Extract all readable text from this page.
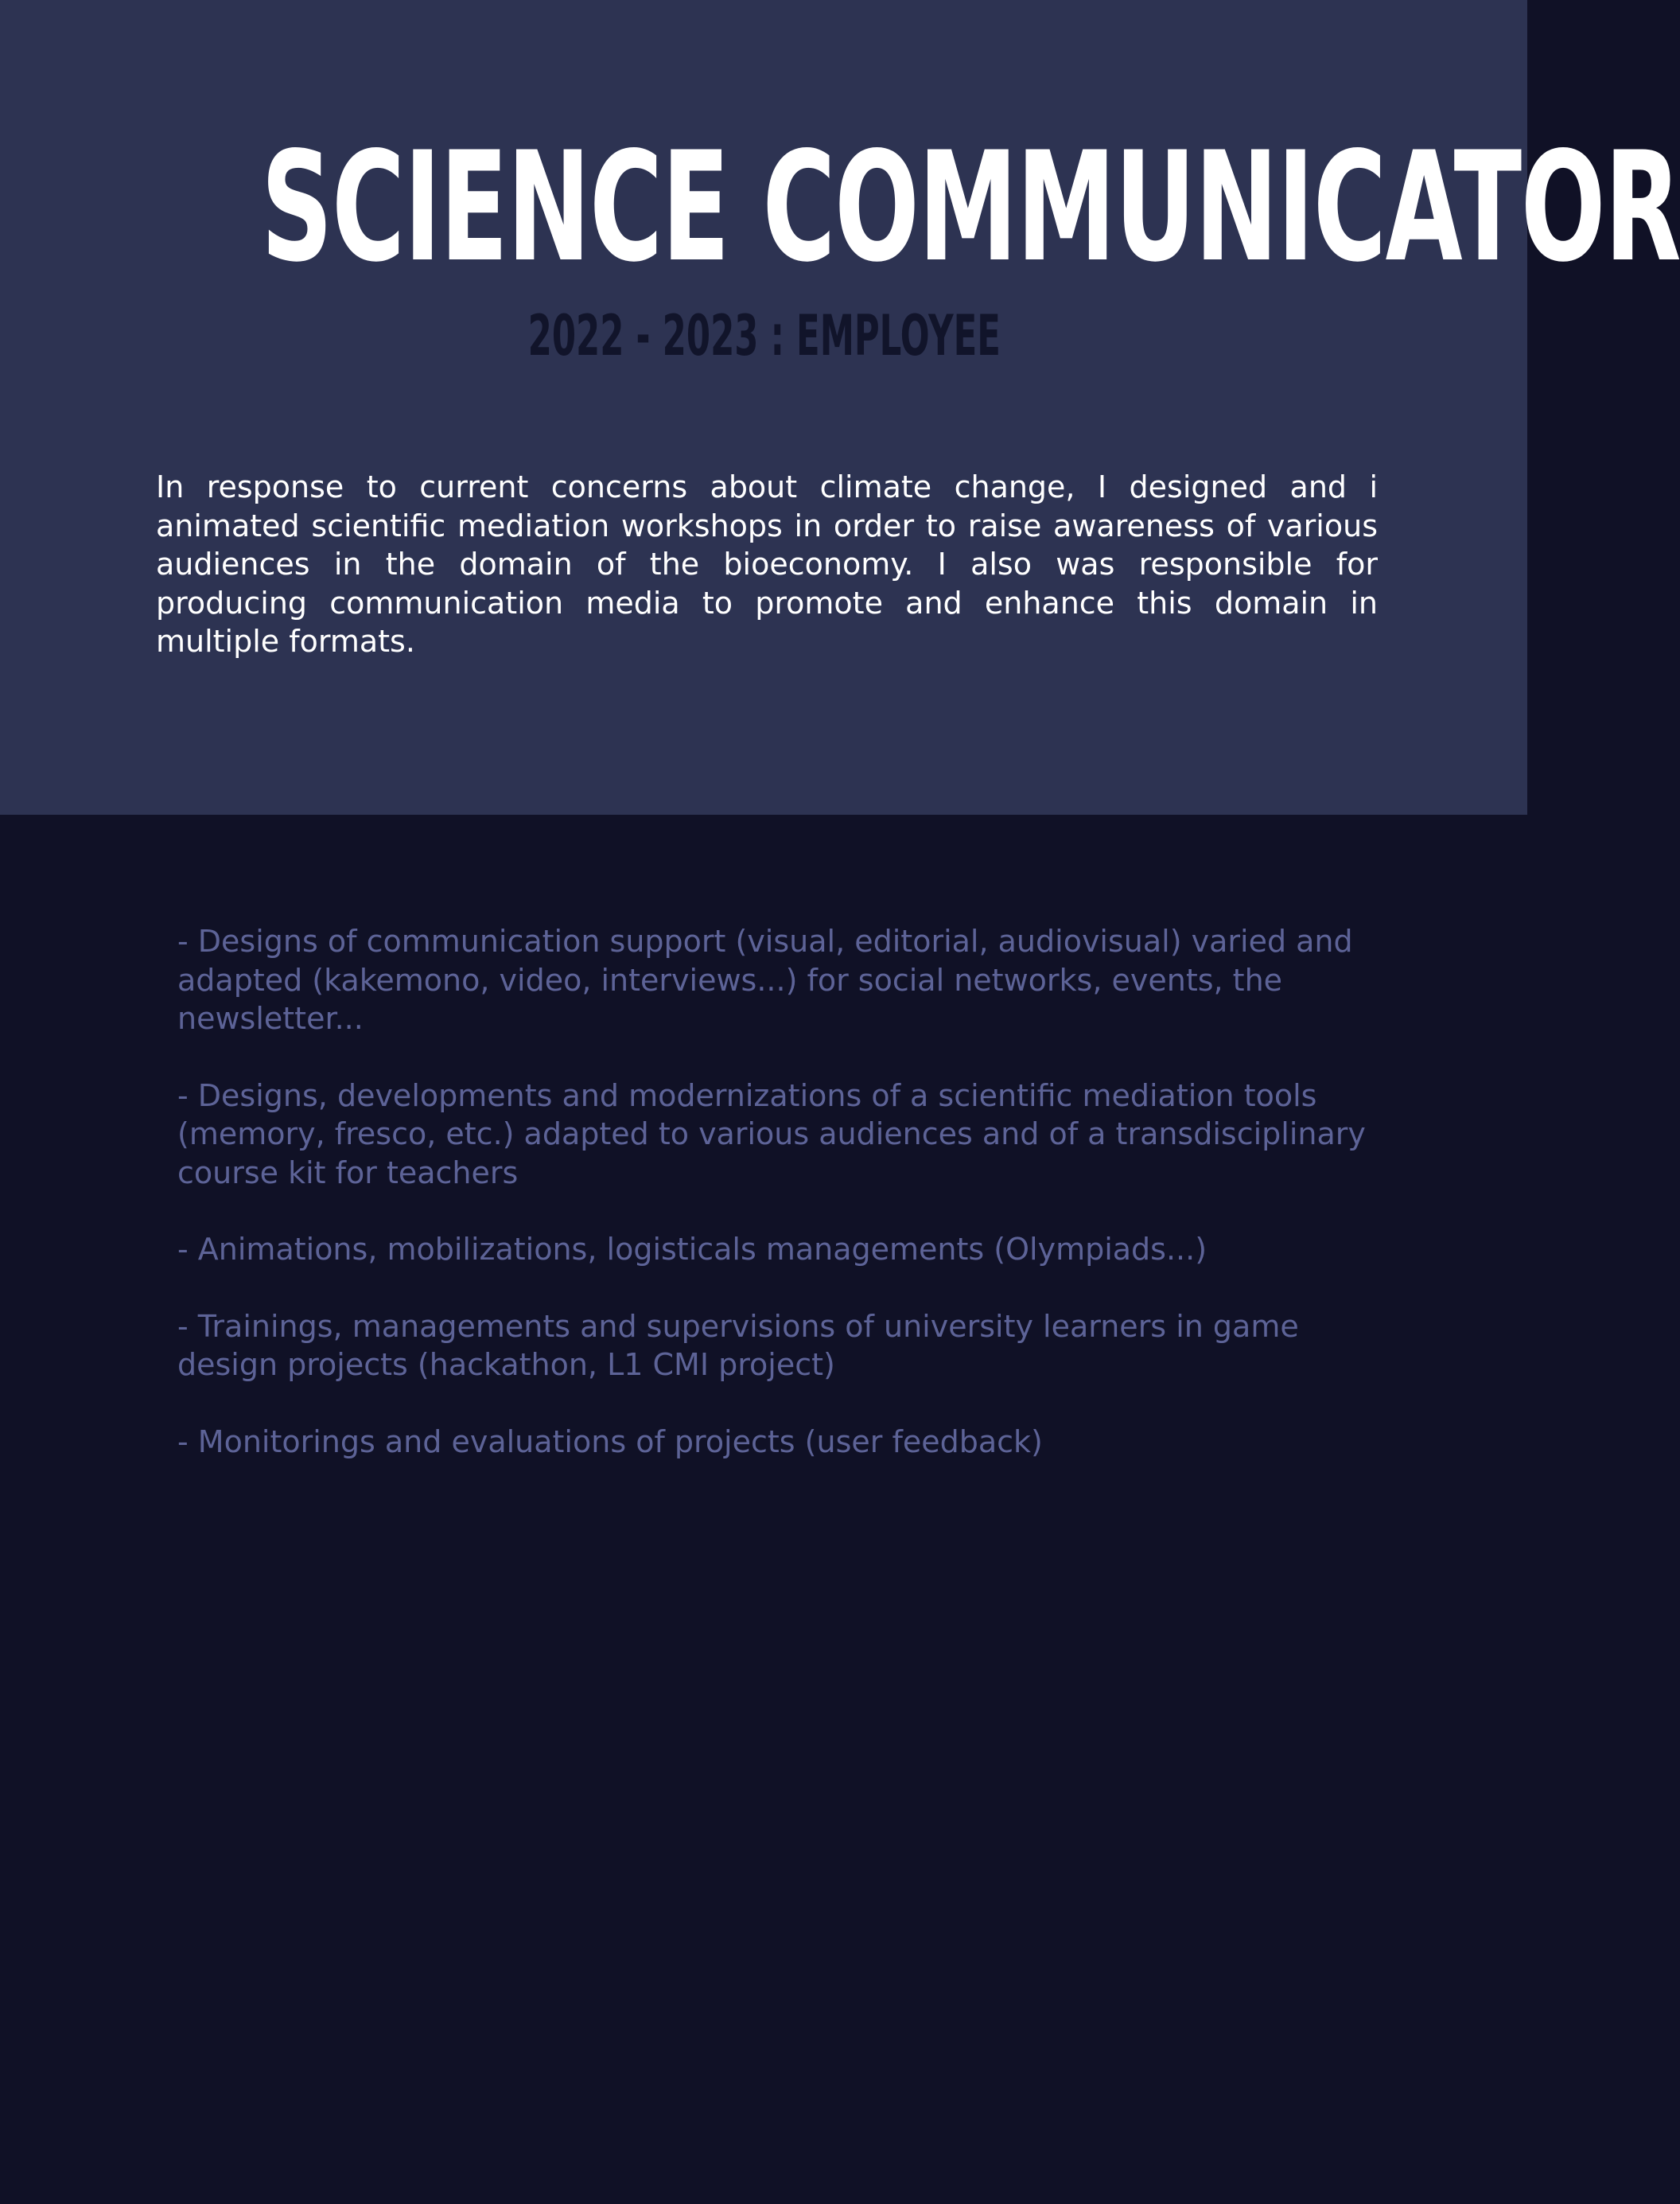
SCIENCE COMMUNICATOR
2022 - 2023 : EMPLOYEE

In response to current concerns about climate change, I designed and i animated scientific mediation workshops in order to raise awareness of various audiences in the domain of the bioeconomy. I also was responsible for producing communication media to promote and enhance this domain in multiple formats.

- Designs of communication support (visual, editorial, audiovisual) varied and adapted (kakemono, video, interviews...) for social networks, events, the newsletter...
- Designs, developments and modernizations of a scientific mediation tools (memory, fresco, etc.) adapted to various audiences and of a transdisciplinary course kit for teachers
- Animations, mobilizations, logisticals managements (Olympiads...)
- Trainings, managements and supervisions of university learners in game design projects (hackathon, L1 CMI project)
- Monitorings and evaluations of projects (user feedback)
